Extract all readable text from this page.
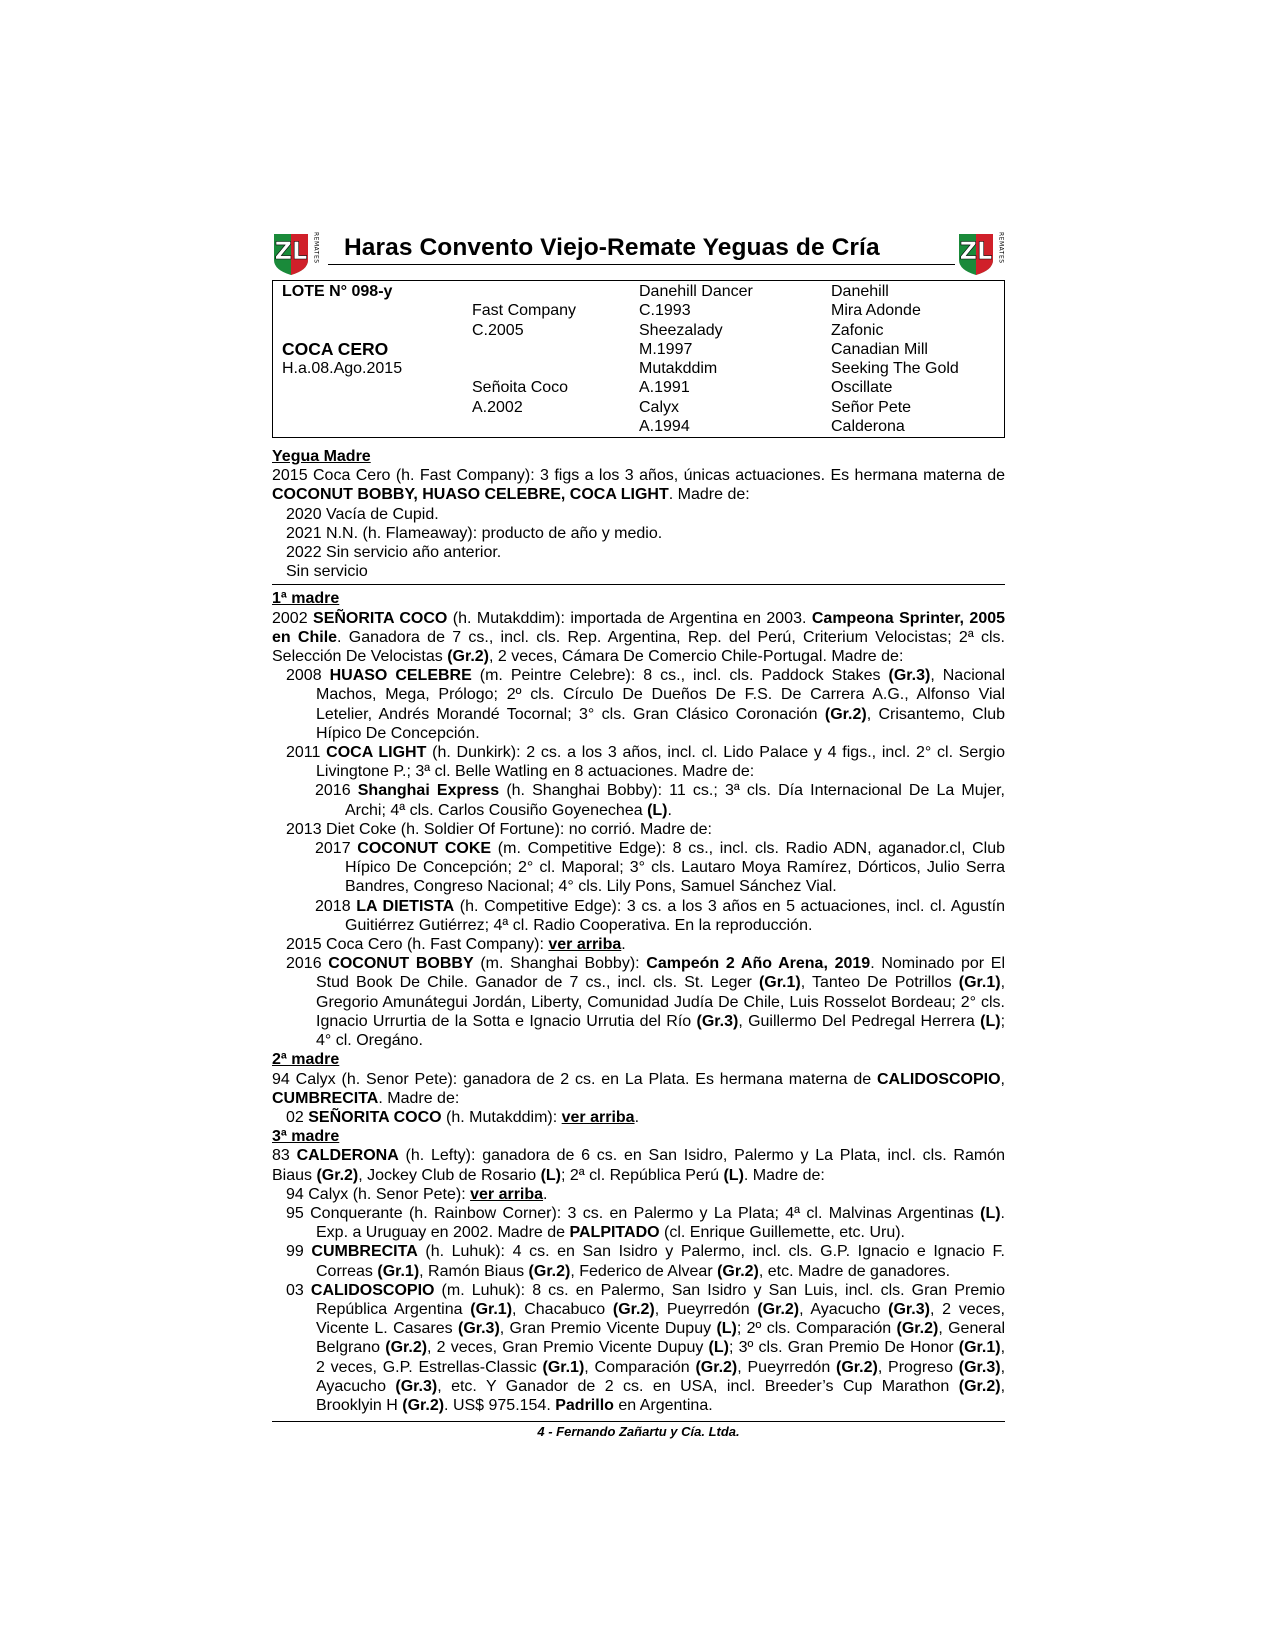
ZL REMATES	Haras Convento Viejo-Remate Yeguas de Cría	ZL REMATES
LOTE N° 098-y
COCA CERO
H.a.08.Ago.2015
Fast Company
C.2005
Señoita Coco
A.2002
Danehill Dancer
C.1993
Sheezalady
M.1997
Mutakddim
A.1991
Calyx
A.1994
Danehill
Mira Adonde
Zafonic
Canadian Mill
Seeking The Gold
Oscillate
Señor Pete
Calderona
Yegua Madre

2015 Coca Cero (h. Fast Company): 3 figs a los 3 años, únicas actuaciones. Es hermana materna de COCONUT BOBBY, HUASO CELEBRE, COCA LIGHT. Madre de:

2020 Vacía de Cupid.

2021 N.N. (h. Flameaway): producto de año y medio.

2022 Sin servicio año anterior.

Sin servicio

1ª madre

2002 SEÑORITA COCO (h. Mutakddim): importada de Argentina en 2003. Campeona Sprinter, 2005 en Chile. Ganadora de 7 cs., incl. cls. Rep. Argentina, Rep. del Perú, Criterium Velocistas; 2ª cls. Selección De Velocistas (Gr.2), 2 veces, Cámara De Comercio Chile-Portugal. Madre de:

2008 HUASO CELEBRE (m. Peintre Celebre): 8 cs., incl. cls. Paddock Stakes (Gr.3), Nacional Machos, Mega, Prólogo; 2º cls. Círculo De Dueños De F.S. De Carrera A.G., Alfonso Vial Letelier, Andrés Morandé Tocornal; 3° cls. Gran Clásico Coronación (Gr.2), Crisantemo, Club Hípico De Concepción.

2011 COCA LIGHT (h. Dunkirk): 2 cs. a los 3 años, incl. cl. Lido Palace y 4 figs., incl. 2° cl. Sergio Livingtone P.; 3ª cl. Belle Watling en 8 actuaciones. Madre de:

2016 Shanghai Express (h. Shanghai Bobby): 11 cs.; 3ª cls. Día Internacional De La Mujer, Archi; 4ª cls. Carlos Cousiño Goyenechea (L).

2013 Diet Coke (h. Soldier Of Fortune): no corrió. Madre de:

2017 COCONUT COKE (m. Competitive Edge): 8 cs., incl. cls. Radio ADN, aganador.cl, Club Hípico De Concepción; 2° cl. Maporal; 3° cls. Lautaro Moya Ramírez, Dórticos, Julio Serra Bandres, Congreso Nacional; 4° cls. Lily Pons, Samuel Sánchez Vial.

2018 LA DIETISTA (h. Competitive Edge): 3 cs. a los 3 años en 5 actuaciones, incl. cl. Agustín Guitiérrez Gutiérrez; 4ª cl. Radio Cooperativa. En la reproducción.

2015 Coca Cero (h. Fast Company): ver arriba.

2016 COCONUT BOBBY (m. Shanghai Bobby): Campeón 2 Año Arena, 2019. Nominado por El Stud Book De Chile. Ganador de 7 cs., incl. cls. St. Leger (Gr.1), Tanteo De Potrillos (Gr.1), Gregorio Amunátegui Jordán, Liberty, Comunidad Judía De Chile, Luis Rosselot Bordeau; 2° cls. Ignacio Urrurtia de la Sotta e Ignacio Urrutia del Río (Gr.3), Guillermo Del Pedregal Herrera (L); 4° cl. Oregáno.

2ª madre

94 Calyx (h. Senor Pete): ganadora de 2 cs. en La Plata. Es hermana materna de CALIDOSCOPIO, CUMBRECITA. Madre de:

02 SEÑORITA COCO (h. Mutakddim): ver arriba.

3ª madre

83 CALDERONA (h. Lefty): ganadora de 6 cs. en San Isidro, Palermo y La Plata, incl. cls. Ramón Biaus (Gr.2), Jockey Club de Rosario (L); 2ª cl. República Perú (L). Madre de:

94 Calyx (h. Senor Pete): ver arriba.

95 Conquerante (h. Rainbow Corner): 3 cs. en Palermo y La Plata; 4ª cl. Malvinas Argentinas (L). Exp. a Uruguay en 2002. Madre de PALPITADO (cl. Enrique Guillemette, etc. Uru).

99 CUMBRECITA (h. Luhuk): 4 cs. en San Isidro y Palermo, incl. cls. G.P. Ignacio e Ignacio F. Correas (Gr.1), Ramón Biaus (Gr.2), Federico de Alvear (Gr.2), etc. Madre de ganadores.

03 CALIDOSCOPIO (m. Luhuk): 8 cs. en Palermo, San Isidro y San Luis, incl. cls. Gran Premio República Argentina (Gr.1), Chacabuco (Gr.2), Pueyrredón (Gr.2), Ayacucho (Gr.3), 2 veces, Vicente L. Casares (Gr.3), Gran Premio Vicente Dupuy (L); 2º cls. Comparación (Gr.2), General Belgrano (Gr.2), 2 veces, Gran Premio Vicente Dupuy (L); 3º cls. Gran Premio De Honor (Gr.1), 2 veces, G.P. Estrellas-Classic (Gr.1), Comparación (Gr.2), Pueyrredón (Gr.2), Progreso (Gr.3), Ayacucho (Gr.3), etc. Y Ganador de 2 cs. en USA, incl. Breeder’s Cup Marathon (Gr.2), Brooklyin H (Gr.2). US$ 975.154. Padrillo en Argentina.

4 - Fernando Zañartu y Cía. Ltda.
